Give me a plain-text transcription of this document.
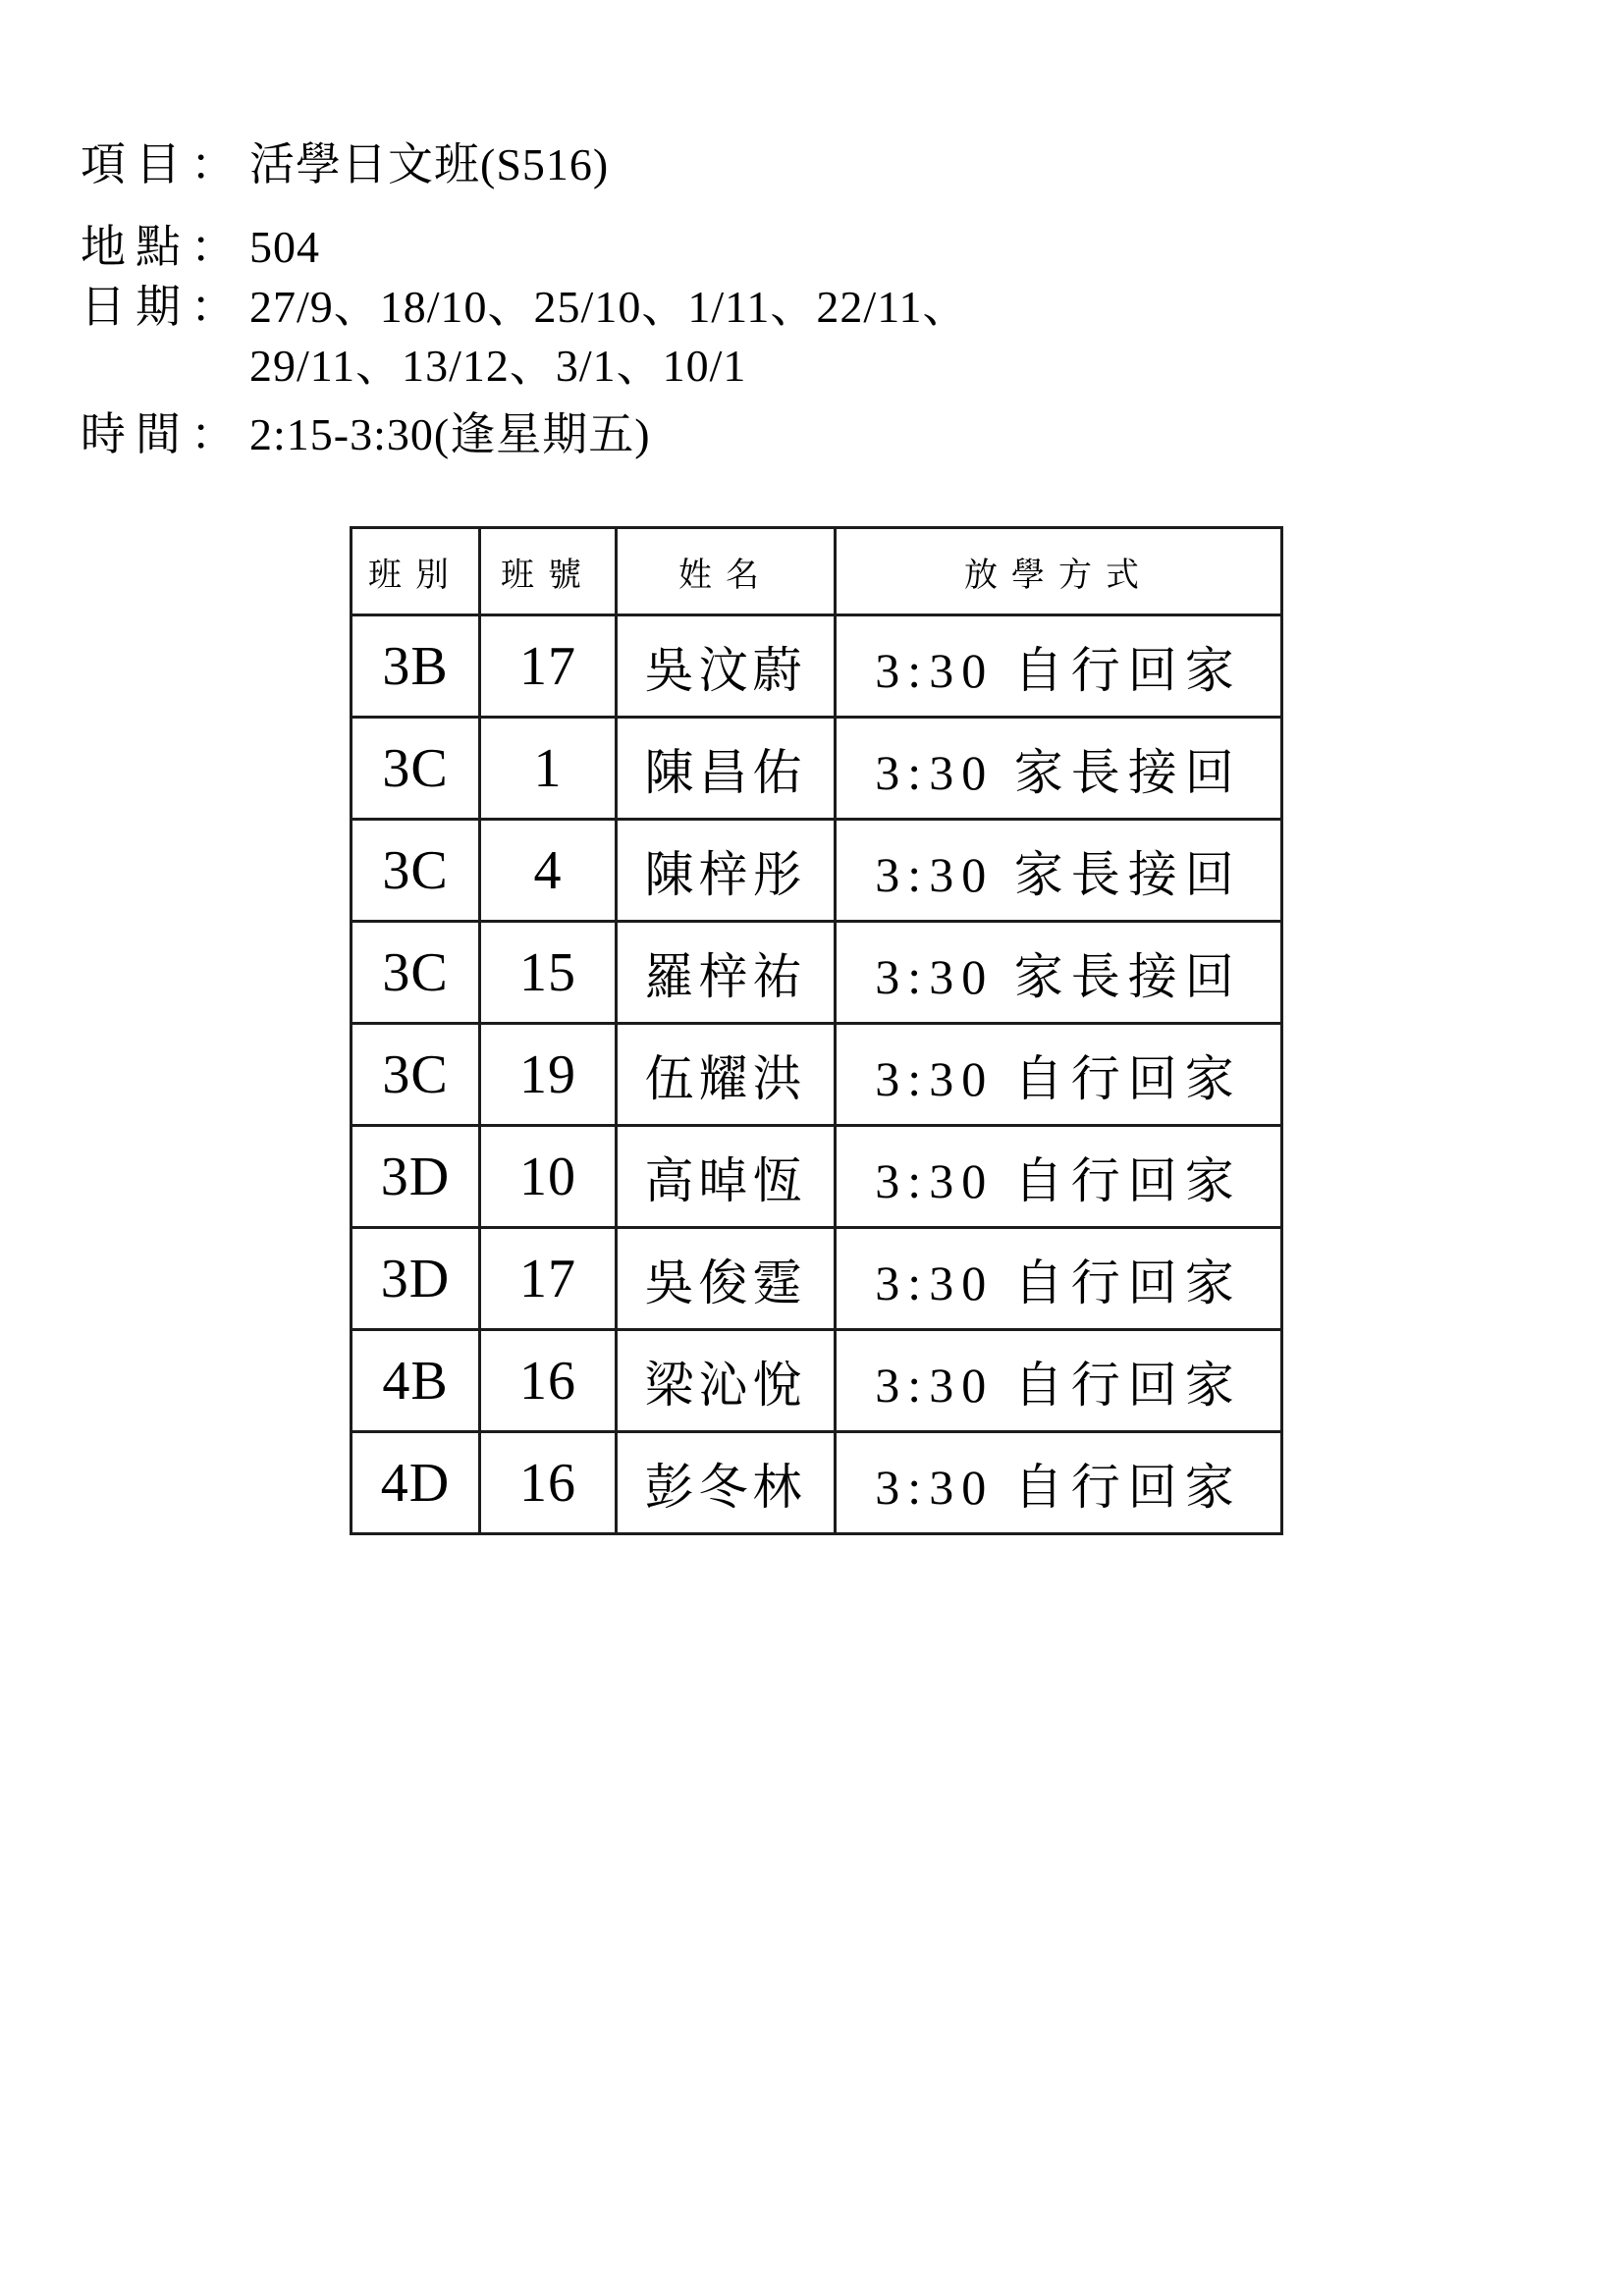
項目： 活學日文班(S516)
地點： 504
日期： 27/9、18/10、25/10、1/11、22/11、
29/11、13/12、3/1、10/1
時間： 2:15-3:30(逢星期五)
班別	班號	姓名	放學方式
3B	17	吳汶蔚	3:30 自行回家
3C	1	陳昌佑	3:30 家長接回
3C	4	陳梓彤	3:30 家長接回
3C	15	羅梓祐	3:30 家長接回
3C	19	伍耀洪	3:30 自行回家
3D	10	高晫恆	3:30 自行回家
3D	17	吳俊霆	3:30 自行回家
4B	16	梁沁悅	3:30 自行回家
4D	16	彭冬林	3:30 自行回家
